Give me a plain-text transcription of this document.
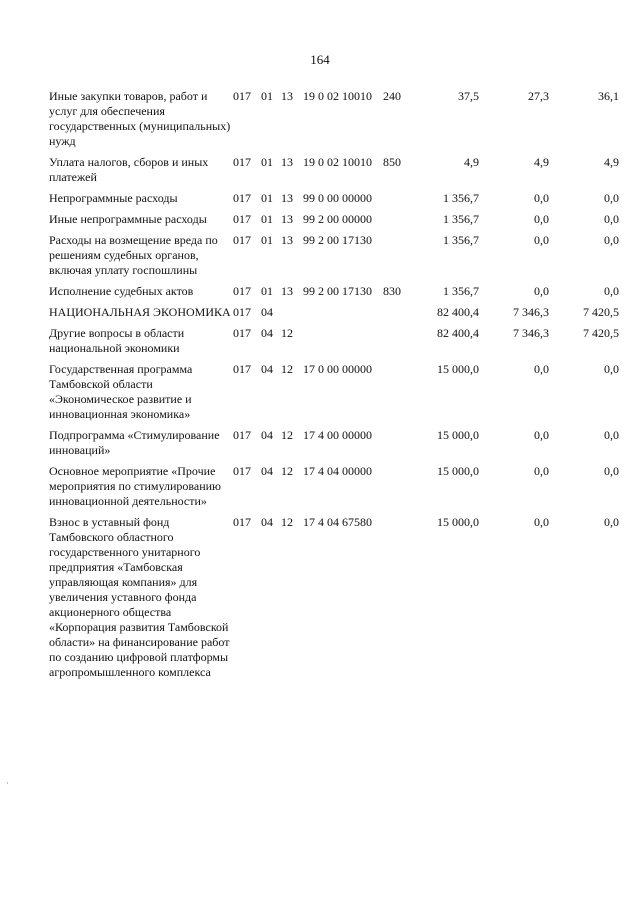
164
Иные закупки товаров, работ и услуг для обеспечения государственных (муниципальных) нужд	017	01	13	19 0 02 10010	240	37,5	27,3	36,1

Уплата налогов, сборов и иных платежей	017	01	13	19 0 02 10010	850	4,9	4,9	4,9

Непрограммные расходы	017	01	13	99 0 00 00000		1 356,7	0,0	0,0

Иные непрограммные расходы	017	01	13	99 2 00 00000		1 356,7	0,0	0,0

Расходы на возмещение вреда по решениям судебных органов, включая уплату госпошлины	017	01	13	99 2 00 17130		1 356,7	0,0	0,0

Исполнение судебных актов	017	01	13	99 2 00 17130	830	1 356,7	0,0	0,0

НАЦИОНАЛЬНАЯ ЭКОНОМИКА	017	04				82 400,4	7 346,3	7 420,5

Другие вопросы в области национальной экономики	017	04	12			82 400,4	7 346,3	7 420,5

Государственная программа Тамбовской области «Экономическое развитие и инновационная экономика»	017	04	12	17 0 00 00000		15 000,0	0,0	0,0

Подпрограмма «Стимулирование инноваций»	017	04	12	17 4 00 00000		15 000,0	0,0	0,0

Основное мероприятие «Прочие мероприятия по стимулированию инновационной деятельности»	017	04	12	17 4 04 00000		15 000,0	0,0	0,0

Взнос в уставный фонд Тамбовского областного государственного унитарного предприятия «Тамбовская управляющая компания» для увеличения уставного фонда акционерного общества «Корпорация развития Тамбовской области» на финансирование работ по созданию цифровой платформы агропромышленного комплекса	017	04	12	17 4 04 67580		15 000,0	0,0	0,0
·
